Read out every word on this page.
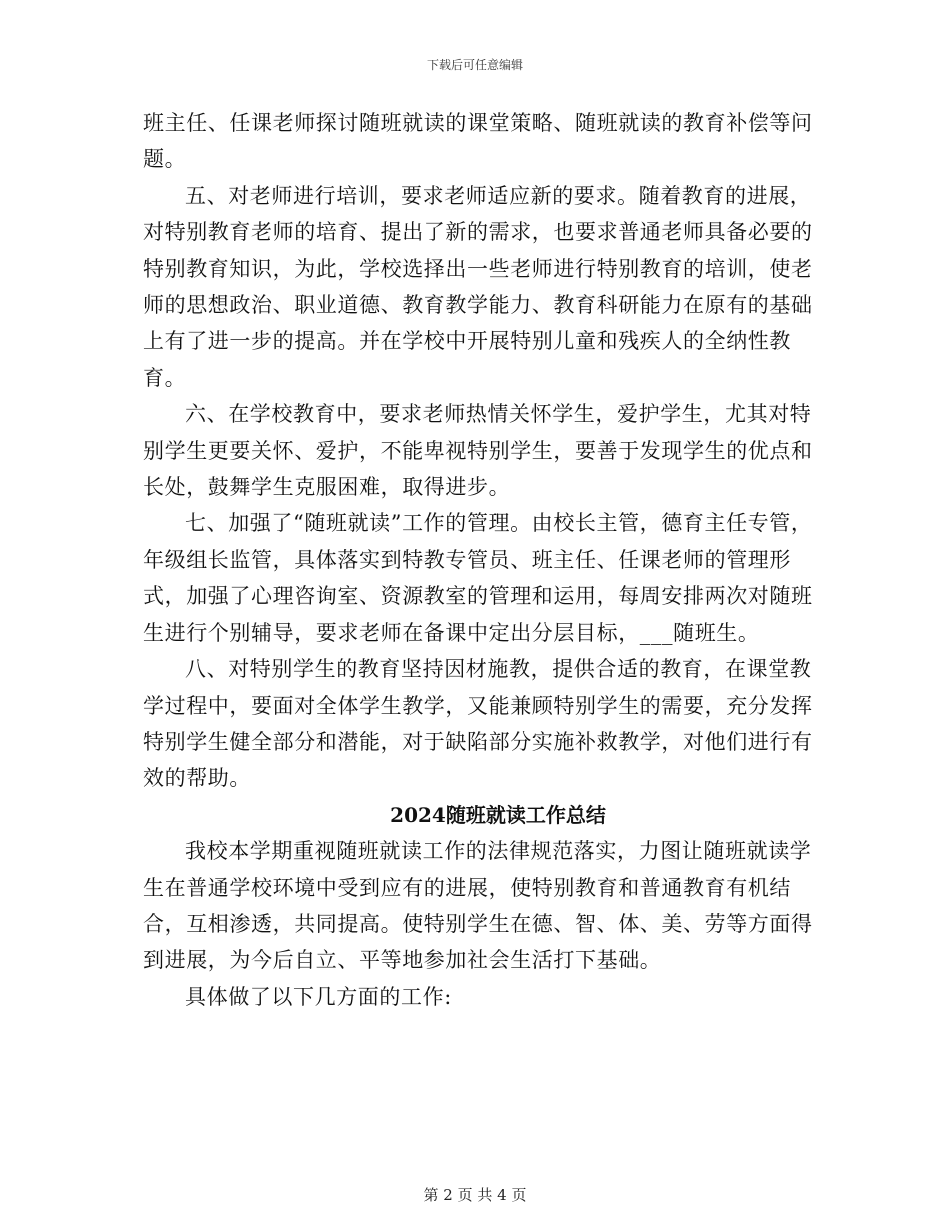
下载后可任意编辑

班主任、任课老师探讨随班就读的课堂策略、随班就读的教育补偿等问题。

五、对老师进行培训，要求老师适应新的要求。随着教育的进展，对特别教育老师的培育、提出了新的需求，也要求普通老师具备必要的特别教育知识，为此，学校选择出一些老师进行特别教育的培训，使老师的思想政治、职业道德、教育教学能力、教育科研能力在原有的基础上有了进一步的提高。并在学校中开展特别儿童和残疾人的全纳性教育。

六、在学校教育中，要求老师热情关怀学生，爱护学生，尤其对特别学生更要关怀、爱护，不能卑视特别学生，要善于发现学生的优点和长处，鼓舞学生克服困难，取得进步。

七、加强了“随班就读”工作的管理。由校长主管，德育主任专管，年级组长监管，具体落实到特教专管员、班主任、任课老师的管理形式，加强了心理咨询室、资源教室的管理和运用，每周安排两次对随班生进行个别辅导，要求老师在备课中定出分层目标，___随班生。

八、对特别学生的教育坚持因材施教，提供合适的教育，在课堂教学过程中，要面对全体学生教学，又能兼顾特别学生的需要，充分发挥特别学生健全部分和潜能，对于缺陷部分实施补救教学，对他们进行有效的帮助。

2024随班就读工作总结

我校本学期重视随班就读工作的法律规范落实，力图让随班就读学生在普通学校环境中受到应有的进展，使特别教育和普通教育有机结合，互相渗透，共同提高。使特别学生在德、智、体、美、劳等方面得到进展，为今后自立、平等地参加社会生活打下基础。

具体做了以下几方面的工作:

第 2 页 共 4 页
